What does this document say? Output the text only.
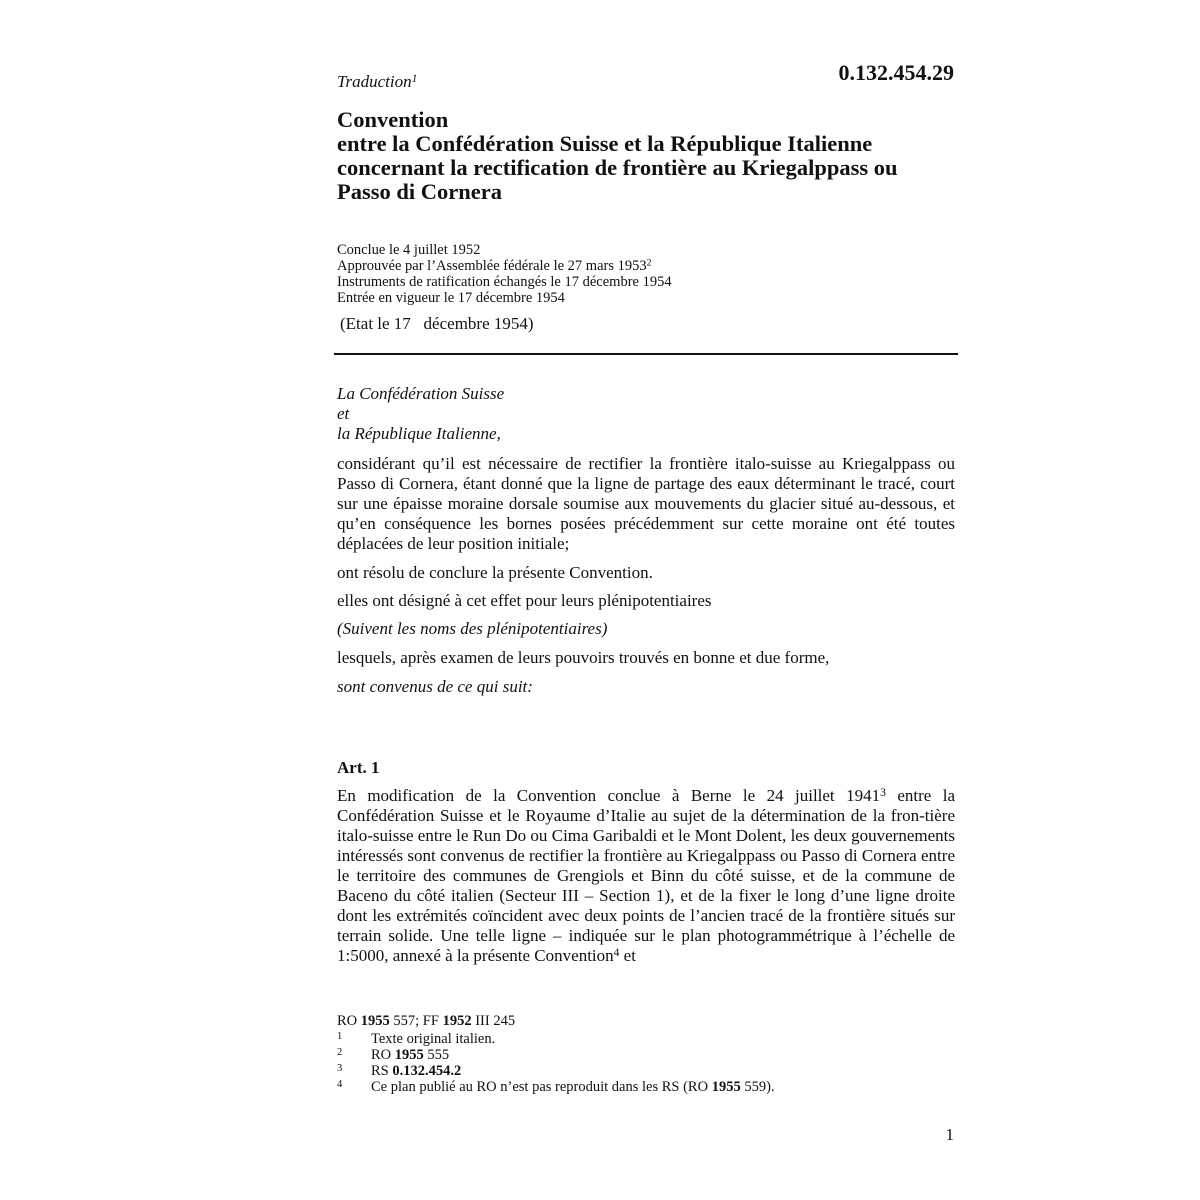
Traduction$^1$	0.132.454.29
Convention
entre la Confédération Suisse et la République Italienne
concernant la rectification de frontière au Kriegalppass ou
Passo di Cornera
Conclue le 4 juillet 1952
Approuvée par l’Assemblée fédérale le 27 mars 1953$^2$
Instruments de ratification échangés le 17 décembre 1954
Entrée en vigueur le 17 décembre 1954
(Etat le 17   décembre 1954)
La Confédération Suisse
et
la République Italienne,
considérant qu’il est nécessaire de rectifier la frontière italo-suisse au Kriegalppass ou Passo di Cornera, étant donné que la ligne de partage des eaux déterminant le tracé, court sur une épaisse moraine dorsale soumise aux mouvements du glacier situé au-dessous, et qu’en conséquence les bornes posées précédemment sur cette moraine ont été toutes déplacées de leur position initiale;
ont résolu de conclure la présente Convention.
elles ont désigné à cet effet pour leurs plénipotentiaires
(Suivent les noms des plénipotentiaires)
lesquels, après examen de leurs pouvoirs trouvés en bonne et due forme,
sont convenus de ce qui suit:
Art. 1
En modification de la Convention conclue à Berne le 24 juillet 1941$^3$ entre la Confédération Suisse et le Royaume d’Italie au sujet de la détermination de la fron-tière italo-suisse entre le Run Do ou Cima Garibaldi et le Mont Dolent, les deux gouvernements intéressés sont convenus de rectifier la frontière au Kriegalppass ou Passo di Cornera entre le territoire des communes de Grengiols et Binn du côté suisse, et de la commune de Baceno du côté italien (Secteur III – Section 1), et de la fixer le long d’une ligne droite dont les extrémités coïncident avec deux points de l’ancien tracé de la frontière situés sur terrain solide. Une telle ligne – indiquée sur le plan photogrammétrique à l’échelle de 1:5000, annexé à la présente Convention$^4$ et
RO 1955 557; FF 1952 III 245
1	Texte original italien.
2	RO 1955 555
3	RS 0.132.454.2
4	Ce plan publié au RO n’est pas reproduit dans les RS (RO 1955 559).
1
